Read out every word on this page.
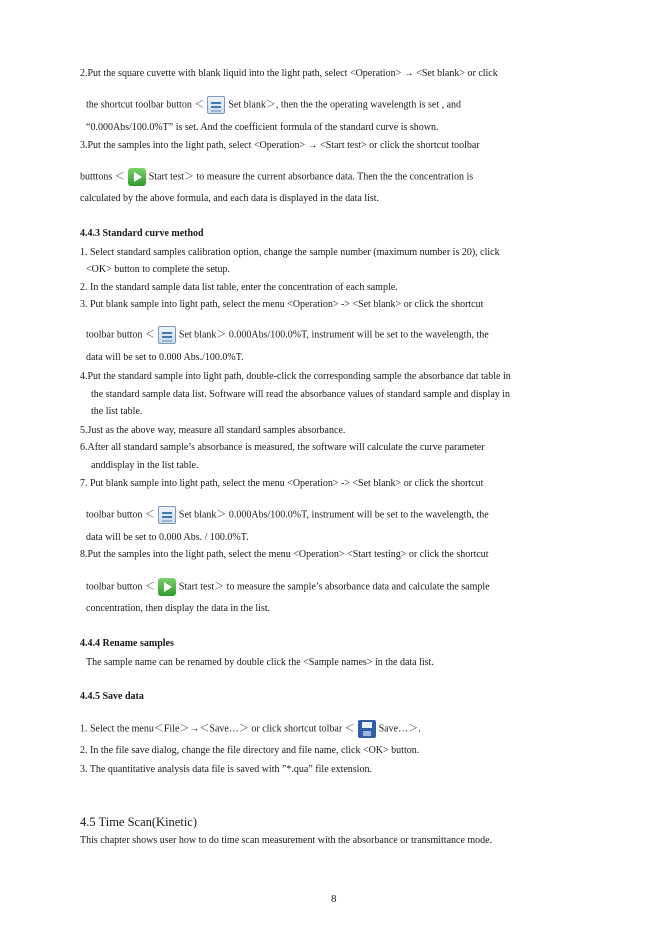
2.Put the square cuvette with blank liquid into the light path, select <Operation> → <Set blank> or click
the shortcut toolbar button ＜ Set blank＞, then the the operating wavelength is set , and
“0.000Abs/100.0%T” is set. And the coefficient formula of the standard curve is shown.
3.Put the samples into the light path, select <Operation> → <Start test> or click the shortcut toolbar
butttons ＜ Start test＞ to measure the current absorbance data. Then the the concentration is
calculated by the above formula, and each data is displayed in the data list.
4.4.3 Standard curve method
1. Select standard samples calibration option, change the sample number (maximum number is 20), click
<OK> button to complete the setup.
2. In the standard sample data list table, enter the concentration of each sample.
3. Put blank sample into light path, select the menu <Operation> -> <Set blank> or click the shortcut
toolbar button ＜ Set blank＞ 0.000Abs/100.0%T, instrument will be set to the wavelength, the
data will be set to 0.000 Abs./100.0%T.
4.Put the standard sample into light path, double-click the corresponding sample the absorbance dat table in
the standard sample data list. Software will read the absorbance values of standard sample and display in
the list table.
5.Just as the above way, measure all standard samples absorbance.
6.After all standard sample’s absorbance is measured, the software will calculate the curve parameter
anddisplay in the list table.
7. Put blank sample into light path, select the menu <Operation> -> <Set blank> or click the shortcut
toolbar button ＜ Set blank＞ 0.000Abs/100.0%T, instrument will be set to the wavelength, the
data will be set to 0.000 Abs. / 100.0%T.
8.Put the samples into the light path, select the menu <Operation> <Start testing> or click the shortcut
toolbar button ＜ Start test＞ to measure the sample’s absorbance data and calculate the sample
concentration, then display the data in the list.
4.4.4 Rename samples
The sample name can be renamed by double click the <Sample names> in the data list.
4.4.5 Save data
1. Select the menu＜File＞→＜Save…＞ or click shortcut tolbar ＜ Save…＞.
2. In the file save dialog, change the file directory and file name, click <OK> button.
3. The quantitative analysis data file is saved with ”*.qua” file extension.
4.5 Time Scan(Kinetic)
This chapter shows user how to do time scan measurement with the absorbance or transmittance mode.
8
